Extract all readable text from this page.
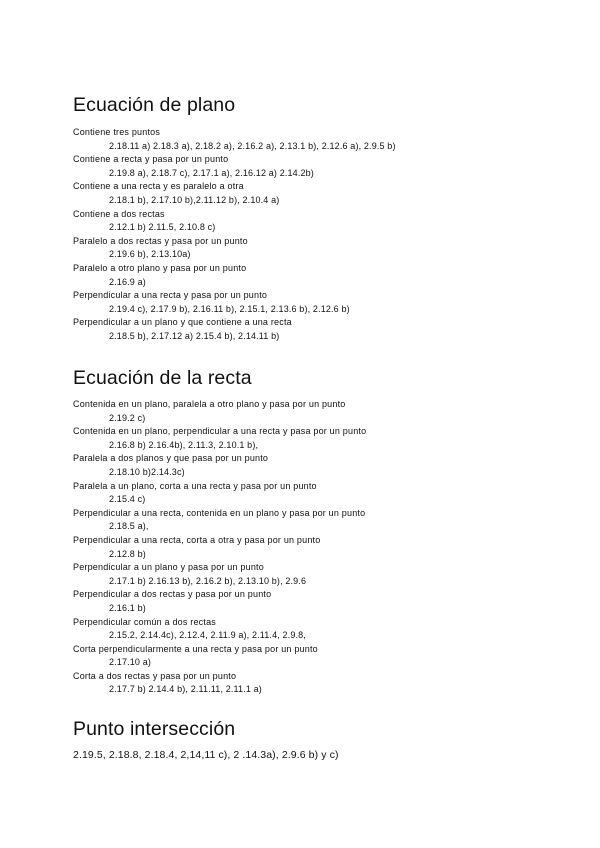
Ecuación de plano

Contiene tres puntos

2.18.11 a) 2.18.3 a), 2.18.2 a), 2.16.2 a), 2.13.1 b), 2.12.6 a), 2.9.5 b)

Contiene a recta y pasa por un punto

2.19.8 a), 2.18.7 c), 2.17.1 a), 2.16.12 a) 2.14.2b)

Contiene a una recta y es paralelo a otra

2.18.1 b), 2.17.10 b),2.11.12 b), 2.10.4 a)

Contiene a dos rectas

2.12.1 b) 2.11.5, 2.10.8 c)

Paralelo a dos rectas y pasa por un punto

2.19.6 b), 2.13.10a)

Paralelo a otro plano y pasa por un punto

2.16.9 a)

Perpendicular a una recta y pasa por un punto

2.19.4 c), 2.17.9 b), 2.16.11 b), 2.15.1, 2.13.6 b), 2.12.6 b)

Perpendicular a un plano y que contiene a una recta

2.18.5 b), 2.17.12 a) 2.15.4 b), 2.14.11 b)

Ecuación de la recta

Contenida en un plano, paralela a otro plano y pasa por un punto

2.19.2 c)

Contenida en un plano, perpendicular a una recta y pasa por un punto

2.16.8 b) 2.16.4b), 2.11.3, 2.10.1 b),

Paralela a dos planos y que pasa por un punto

2.18.10 b)2.14.3c)

Paralela a un plano, corta a una recta y pasa por un punto

2.15.4 c)

Perpendicular a una recta, contenida en un plano y pasa por un punto

2.18.5 a),

Perpendicular a una recta, corta a otra y pasa por un punto

2.12.8 b)

Perpendicular a un plano y pasa por un punto

2.17.1 b) 2.16.13 b), 2.16.2 b), 2.13.10 b), 2.9.6

Perpendicular a dos rectas y pasa por un punto

2.16.1 b)

Perpendicular común a dos rectas

2.15.2, 2.14.4c), 2.12.4, 2.11.9 a), 2.11.4, 2.9.8,

Corta perpendicularmente a una recta y pasa por un punto

2.17.10 a)

Corta a dos rectas y pasa por un punto

2.17.7 b) 2.14.4 b), 2.11.11, 2.11.1 a)

Punto intersección

2.19.5, 2.18.8, 2.18.4, 2,14,11 c), 2 .14.3a), 2.9.6 b) y c)
